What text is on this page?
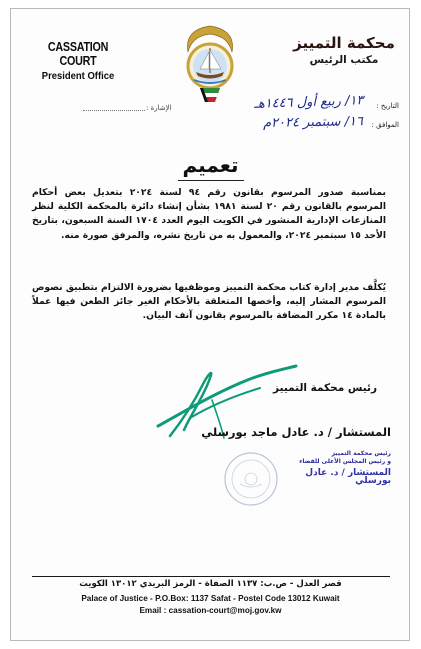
CASSATION COURT
President Office
محكمة التمييز
مكتب الرئيس
الإشارة :	التاريخ :
الموافق :
١٣/ ربيع أول ١٤٤٦هـ
١٦/ سبتمبر ٢٠٢٤م
تعميم

بمناسبة صدور المرسوم بقانون رقم ٩٤ لسنة ٢٠٢٤ بتعديل بعض أحكام المرسوم بالقانون رقم ٢٠ لسنة ١٩٨١ بشأن إنشاء دائرة بالمحكمة الكلية لنظر المنازعات الإدارية المنشور في الكويت اليوم العدد ١٧٠٤ السنة السبعون، بتاريخ الأحد ١٥ سبتمبر ٢٠٢٤، والمعمول به من تاريخ نشره، والمرفق صورة منه.

يُكلَّف مدير إدارة كتاب محكمة التمييز وموظفيها بضرورة الالتزام بتطبيق نصوص المرسوم المشار إليه، وأخصها المتعلقة بالأحكام الغير جائز الطعن فيها عملاً بالمادة ١٤ مكرر المضافة بالمرسوم بقانون آنف البيان.

رئيس محكمة التمييز
المستشار / د. عادل ماجد بورسلي
رئيس محكمة التمييز
و رئيس المجلس الأعلى للقضاء
المستشار / د. عادل بورسلي
قصر العدل - ص.ب: ١١٣٧ الصفاة - الرمز البريدي ١٣٠١٢ الكويت
Palace of Justice - P.O.Box: 1137 Safat - Postel Code 13012 Kuwait
Email : cassation-court@moj.gov.kw
